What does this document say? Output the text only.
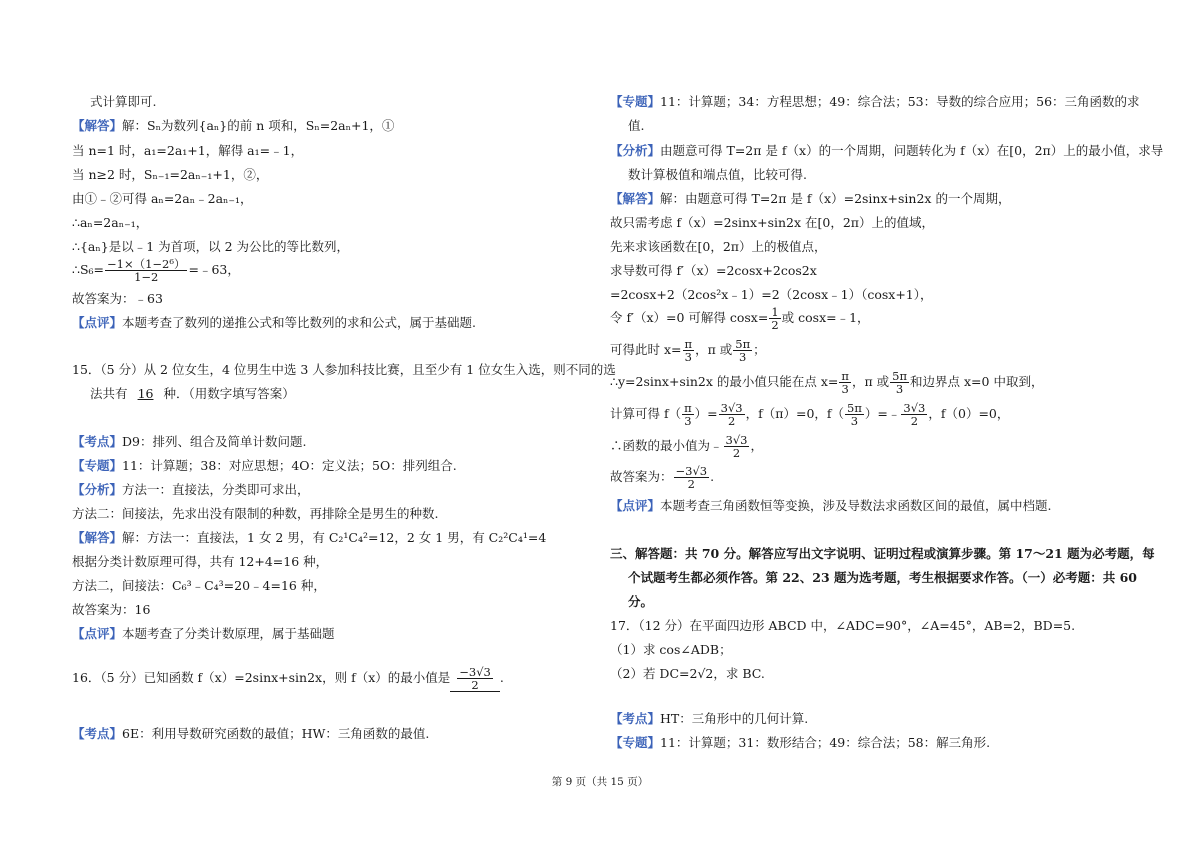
式计算即可.
【解答】解：Sₙ为数列{aₙ}的前 n 项和，Sₙ=2aₙ+1，①
当 n=1 时，a₁=2a₁+1，解得 a₁=﹣1，
当 n≥2 时，Sₙ₋₁=2aₙ₋₁+1，②，
由①﹣②可得 aₙ=2aₙ﹣2aₙ₋₁，
∴aₙ=2aₙ₋₁，
∴{aₙ}是以﹣1 为首项，以 2 为公比的等比数列，
∴S₆= $\frac{\text{−1×（1−2⁶）}}{1-2}$ =﹣63，
故答案为：﹣63
【点评】本题考查了数列的递推公式和等比数列的求和公式，属于基础题.
15．（5 分）从 2 位女生，4 位男生中选 3 人参加科技比赛，且至少有 1 位女生入选，则不同的选
法共有 16 种．（用数字填写答案）
【考点】D9：排列、组合及简单计数问题.
【专题】11：计算题；38：对应思想；4O：定义法；5O：排列组合.
【分析】方法一：直接法，分类即可求出，
方法二：间接法，先求出没有限制的种数，再排除全是男生的种数.
【解答】解：方法一：直接法，1 女 2 男，有 C₂¹C₄²=12，2 女 1 男，有 C₂²C₄¹=4
根据分类计数原理可得，共有 12+4=16 种，
方法二，间接法：C₆³﹣C₄³=20﹣4=16 种，
故答案为：16
【点评】本题考查了分类计数原理，属于基础题
16．（5 分）已知函数 f（x）=2sinx+sin2x，则 f（x）的最小值是 $\frac{-3√3}{2}$ .
【考点】6E：利用导数研究函数的最值；HW：三角函数的最值.
【专题】11：计算题；34：方程思想；49：综合法；53：导数的综合应用；56：三角函数的求
值.
【分析】由题意可得 T=2π 是 f（x）的一个周期，问题转化为 f（x）在[0，2π）上的最小值，求导
数计算极值和端点值，比较可得.
【解答】解：由题意可得 T=2π 是 f（x）=2sinx+sin2x 的一个周期，
故只需考虑 f（x）=2sinx+sin2x 在[0，2π）上的值域，
先来求该函数在[0，2π）上的极值点，
求导数可得 f′（x）=2cosx+2cos2x
=2cosx+2（2cos²x﹣1）=2（2cosx﹣1）（cosx+1），
令 f′（x）=0 可解得 $\cos x= \frac{1}{2}$ 或 cosx=﹣1，
可得此时 $x= \frac{\pi}{3}$ ，π 或 $\frac{5\pi}{3}$ ；
∴y=2sinx+sin2x 的最小值只能在点 $x= \frac{\pi}{3}$ ，π 或 $\frac{5\pi}{3}$ 和边界点 x=0 中取到，
计算可得 $f( \frac{\pi}{3}$ ）= $\frac{3√3}{2}$ ，f（π）=0，$f( \frac{5\pi}{3}$ ）=﹣ $\frac{3√3}{2}$ ，f（0）=0，
∴函数的最小值为﹣ $\frac{3√3}{2}$ ，
故答案为： $\frac{-3√3}{2}$ .
【点评】本题考查三角函数恒等变换，涉及导数法求函数区间的最值，属中档题.
三、解答题：共 70 分。解答应写出文字说明、证明过程或演算步骤。第 17～21 题为必考题，每
个试题考生都必须作答。第 22、23 题为选考题，考生根据要求作答。（一）必考题：共 60
分。
17．（12 分）在平面四边形 ABCD 中，∠ADC=90°，∠A=45°，AB=2，BD=5.
（1）求 cos∠ADB；
（2）若 DC=2√2，求 BC.
【考点】HT：三角形中的几何计算.
【专题】11：计算题；31：数形结合；49：综合法；58：解三角形.
第 9 页（共 15 页）
